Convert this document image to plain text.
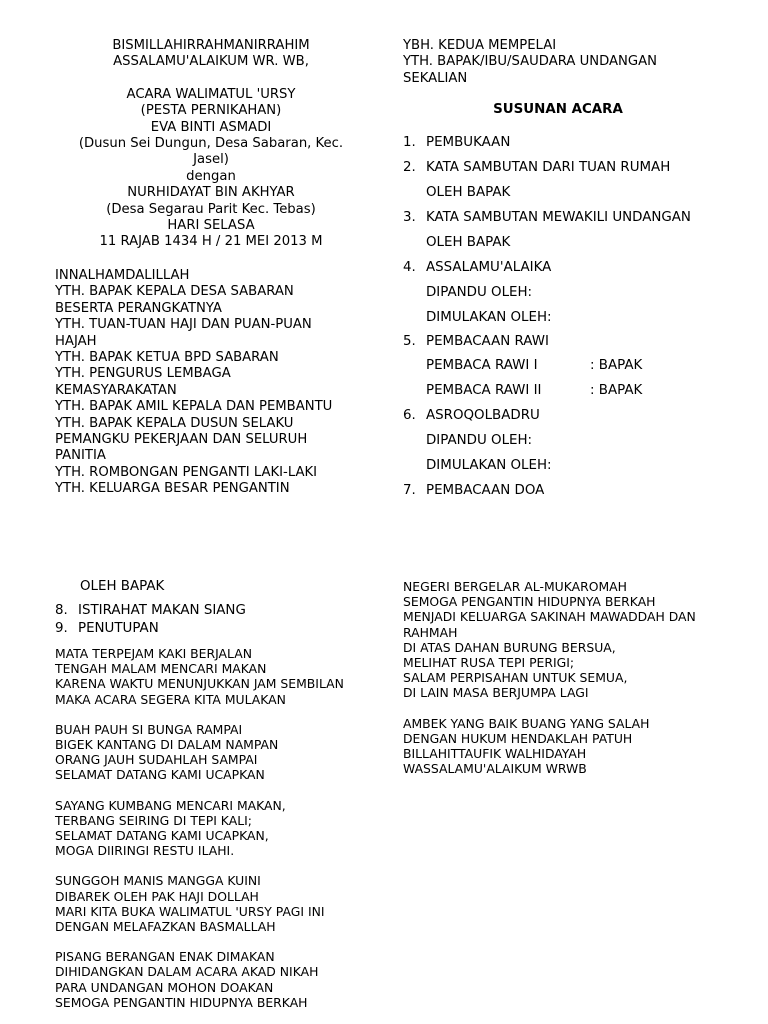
BISMILLAHIRRAHMANIRRAHIM
ASSALAMU'ALAIKUM WR. WB,
ACARA WALIMATUL 'URSY
(PESTA PERNIKAHAN)
EVA BINTI ASMADI
(Dusun Sei Dungun, Desa Sabaran, Kec.
Jasel)
dengan
NURHIDAYAT BIN AKHYAR
(Desa Segarau Parit Kec. Tebas)
HARI SELASA
11 RAJAB 1434 H / 21 MEI 2013 M
INNALHAMDALILLAH
YTH. BAPAK KEPALA DESA SABARAN
BESERTA PERANGKATNYA
YTH. TUAN-TUAN HAJI DAN PUAN-PUAN
HAJAH
YTH. BAPAK KETUA BPD SABARAN
YTH. PENGURUS LEMBAGA
KEMASYARAKATAN
YTH. BAPAK AMIL KEPALA DAN PEMBANTU
YTH. BAPAK KEPALA DUSUN SELAKU
PEMANGKU PEKERJAAN DAN SELURUH
PANITIA
YTH. ROMBONGAN PENGANTI LAKI-LAKI
YTH. KELUARGA BESAR PENGANTIN
YBH. KEDUA MEMPELAI
YTH. BAPAK/IBU/SAUDARA UNDANGAN
SEKALIAN
SUSUNAN ACARA
1. PEMBUKAAN
2. KATA SAMBUTAN DARI TUAN RUMAH
OLEH BAPAK
3. KATA SAMBUTAN MEWAKILI UNDANGAN
OLEH BAPAK
4. ASSALAMU'ALAIKA
DIPANDU OLEH:
DIMULAKAN OLEH:
5. PEMBACAAN RAWI
PEMBACA RAWI I	: BAPAK
PEMBACA RAWI II	: BAPAK
6. ASROQOLBADRU
DIPANDU OLEH:
DIMULAKAN OLEH:
7. PEMBACAAN DOA
OLEH BAPAK
8. ISTIRAHAT MAKAN SIANG
9. PENUTUPAN
MATA TERPEJAM KAKI BERJALAN
TENGAH MALAM MENCARI MAKAN
KARENA WAKTU MENUNJUKKAN JAM SEMBILAN
MAKA ACARA SEGERA KITA MULAKAN
BUAH PAUH SI BUNGA RAMPAI
BIGEK KANTANG DI DALAM NAMPAN
ORANG JAUH SUDAHLAH SAMPAI
SELAMAT DATANG KAMI UCAPKAN
SAYANG KUMBANG MENCARI MAKAN,
TERBANG SEIRING DI TEPI KALI;
SELAMAT DATANG KAMI UCAPKAN,
MOGA DIIRINGI RESTU ILAHI.
SUNGGOH MANIS MANGGA KUINI
DIBAREK OLEH PAK HAJI DOLLAH
MARI KITA BUKA WALIMATUL 'URSY PAGI INI
DENGAN MELAFAZKAN BASMALLAH
PISANG BERANGAN ENAK DIMAKAN
DIHIDANGKAN DALAM ACARA AKAD NIKAH
PARA UNDANGAN MOHON DOAKAN
SEMOGA PENGANTIN HIDUPNYA BERKAH
NEGERI BERGELAR AL-MUKAROMAH
SEMOGA PENGANTIN HIDUPNYA BERKAH
MENJADI KELUARGA SAKINAH MAWADDAH DAN
RAHMAH
DI ATAS DAHAN BURUNG BERSUA,
MELIHAT RUSA TEPI PERIGI;
SALAM PERPISAHAN UNTUK SEMUA,
DI LAIN MASA BERJUMPA LAGI
AMBEK YANG BAIK BUANG YANG SALAH
DENGAN HUKUM HENDAKLAH PATUH
BILLAHITTAUFIK WALHIDAYAH
WASSALAMU'ALAIKUM WRWB
